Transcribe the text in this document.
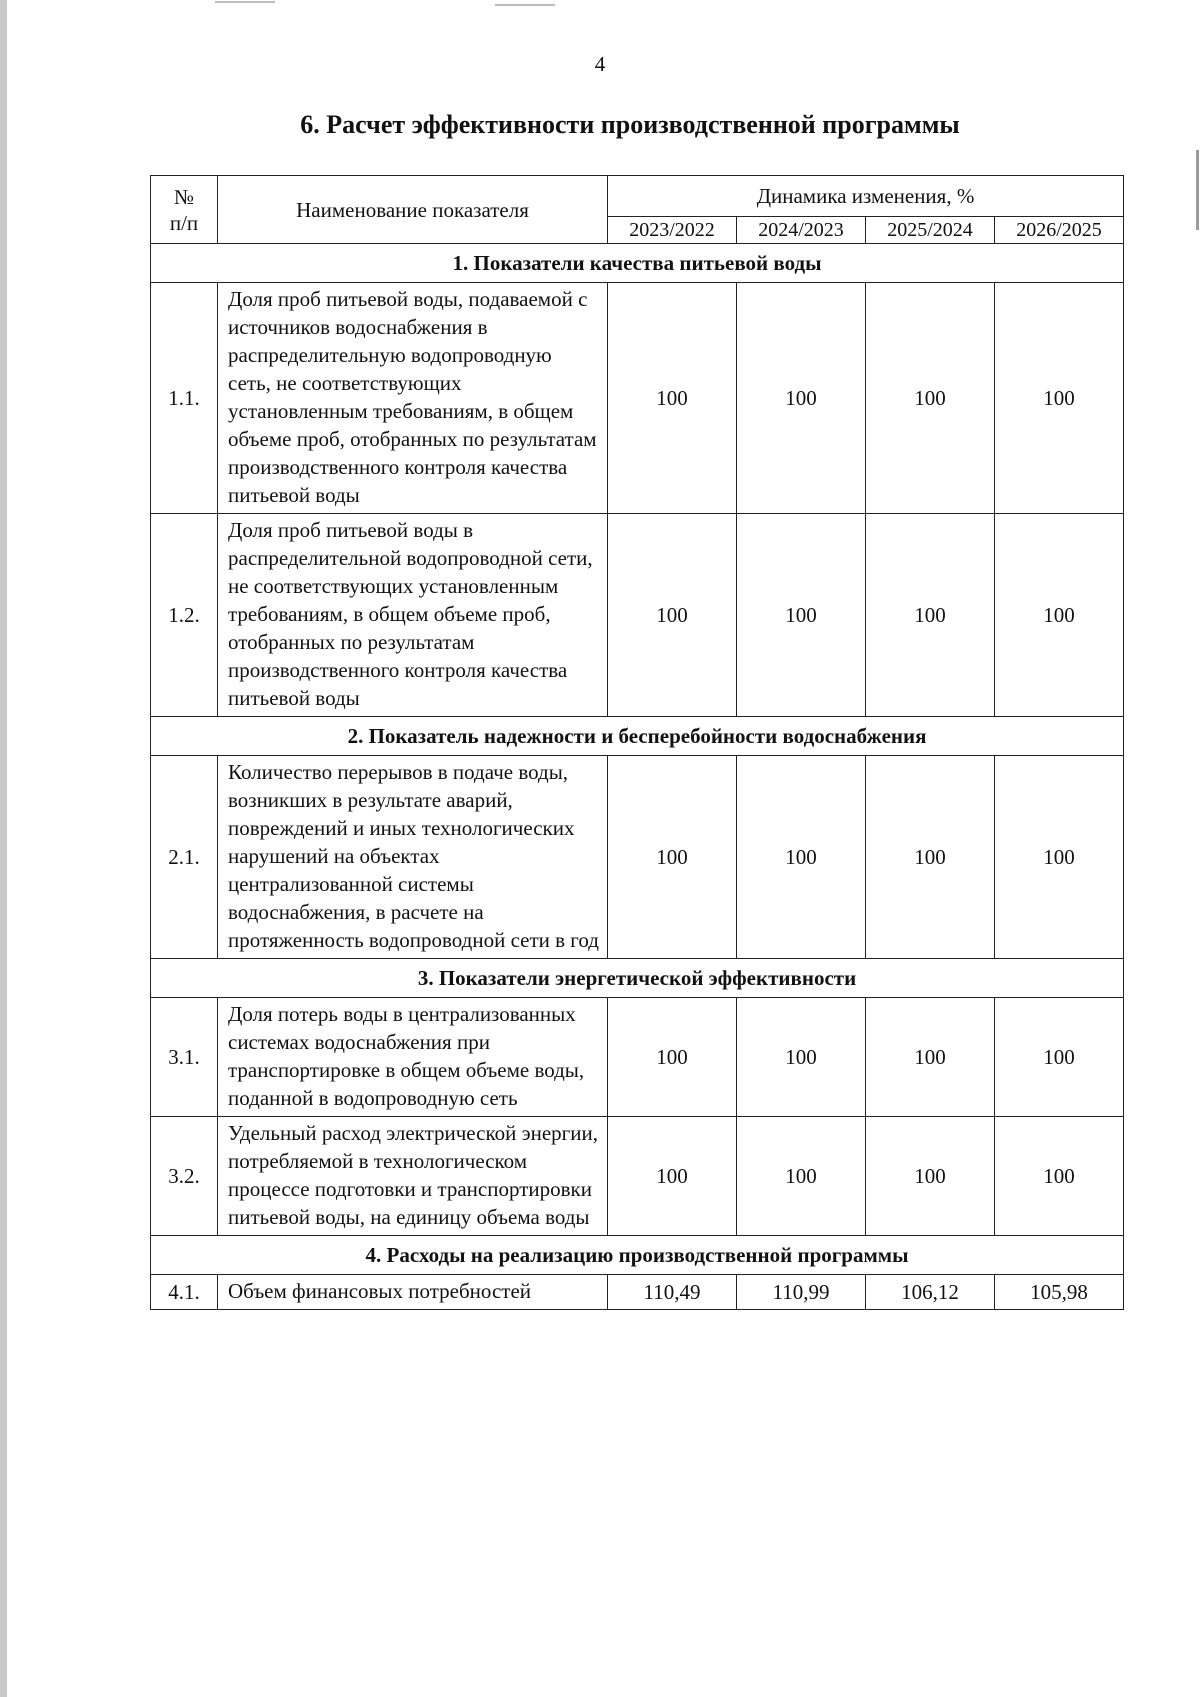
4
6. Расчет эффективности производственной программы
№
п/п	Наименование показателя	Динамика изменения, %			
		2023/2022	2024/2023	2025/2024	2026/2025
1. Показатели качества питьевой воды					
1.1.	Доля проб питьевой воды, подаваемой с источников водоснабжения в распределительную водопроводную сеть, не соответствующих установленным требованиям, в общем объеме проб, отобранных по результатам производственного контроля качества питьевой воды	100	100	100	100
1.2.	Доля проб питьевой воды в распределительной водопроводной сети, не соответствующих установленным требованиям, в общем объеме проб, отобранных по результатам производственного контроля качества питьевой воды	100	100	100	100
2. Показатель надежности и бесперебойности водоснабжения					
2.1.	Количество перерывов в подаче воды, возникших в результате аварий, повреждений и иных технологических нарушений на объектах централизованной системы водоснабжения, в расчете на протяженность водопроводной сети в год	100	100	100	100
3. Показатели энергетической эффективности					
3.1.	Доля потерь воды в централизованных системах водоснабжения при транспортировке в общем объеме воды, поданной в водопроводную сеть	100	100	100	100
3.2.	Удельный расход электрической энергии, потребляемой в технологическом процессе подготовки и транспортировки питьевой воды, на единицу объема воды	100	100	100	100
4. Расходы на реализацию производственной программы					
4.1.	Объем финансовых потребностей	110,49	110,99	106,12	105,98
